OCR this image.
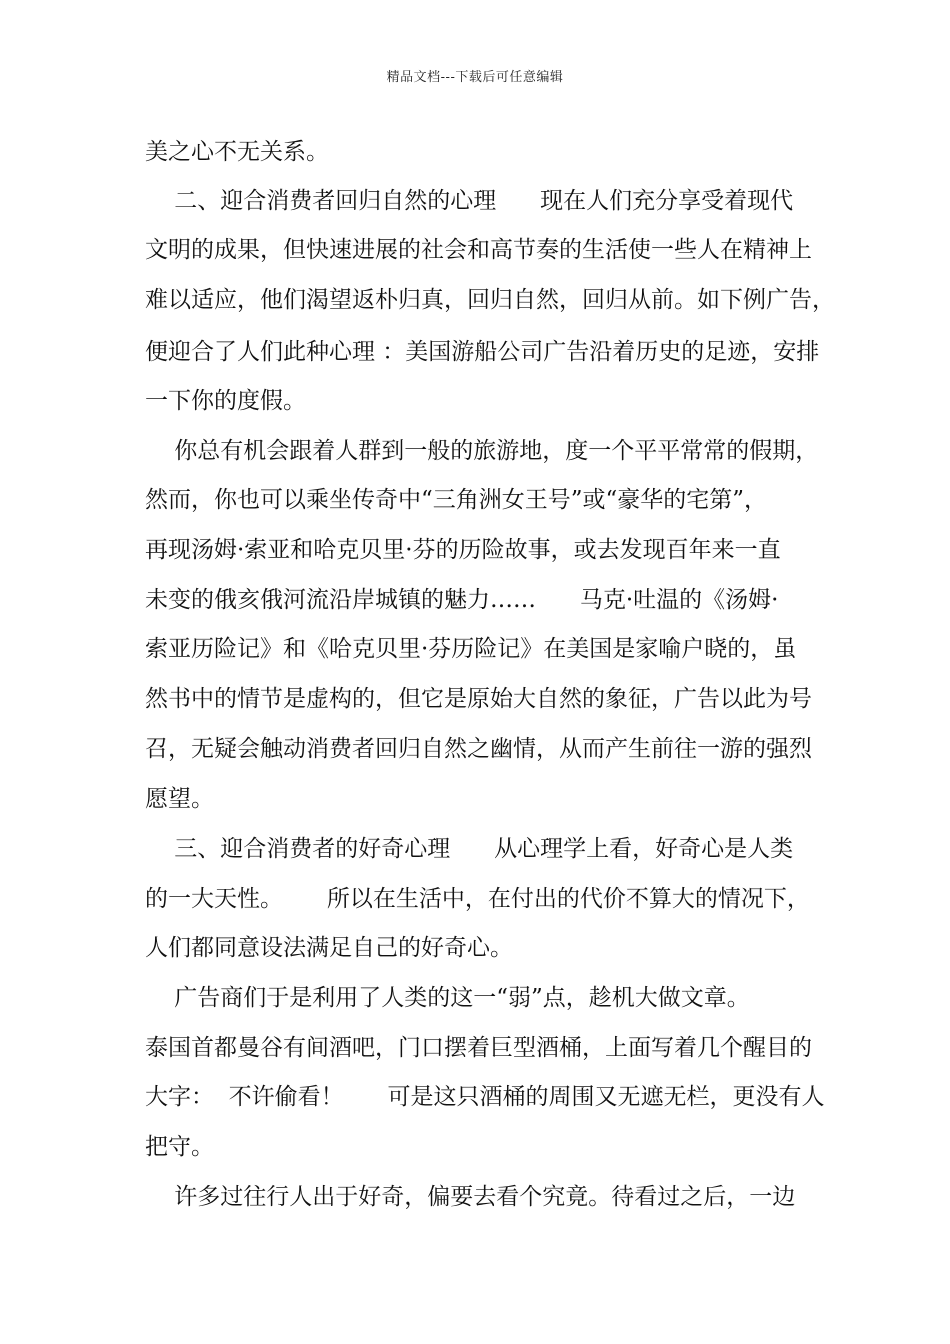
精品文档---下载后可任意编辑
美之心不无关系。
二、迎合消费者回归自然的心理      现在人们充分享受着现代
文明的成果，但快速进展的社会和高节奏的生活使一些人在精神上
难以适应，他们渴望返朴归真，回归自然，回归从前。如下例广告，
便迎合了人们此种心理 ：美国游船公司广告沿着历史的足迹，安排
一下你的度假。
你总有机会跟着人群到一般的旅游地，度一个平平常常的假期，
然而，你也可以乘坐传奇中“三角洲女王号”或“豪华的宅第”，
再现汤姆·索亚和哈克贝里·芬的历险故事，或去发现百年来一直
未变的俄亥俄河流沿岸城镇的魅力……      马克·吐温的《汤姆·
索亚历险记》和《哈克贝里·芬历险记》在美国是家喻户晓的，虽
然书中的情节是虚构的，但它是原始大自然的象征，广告以此为号
召，无疑会触动消费者回归自然之幽情，从而产生前往一游的强烈
愿望。
三、迎合消费者的好奇心理      从心理学上看，好奇心是人类
的一大天性。      所以在生活中，在付出的代价不算大的情况下，
人们都同意设法满足自己的好奇心。
广告商们于是利用了人类的这一“弱”点，趁机大做文章。
泰国首都曼谷有间酒吧，门口摆着巨型酒桶，上面写着几个醒目的
大字：  不许偷看！      可是这只酒桶的周围又无遮无栏，更没有人
把守。
许多过往行人出于好奇，偏要去看个究竟。待看过之后，一边
